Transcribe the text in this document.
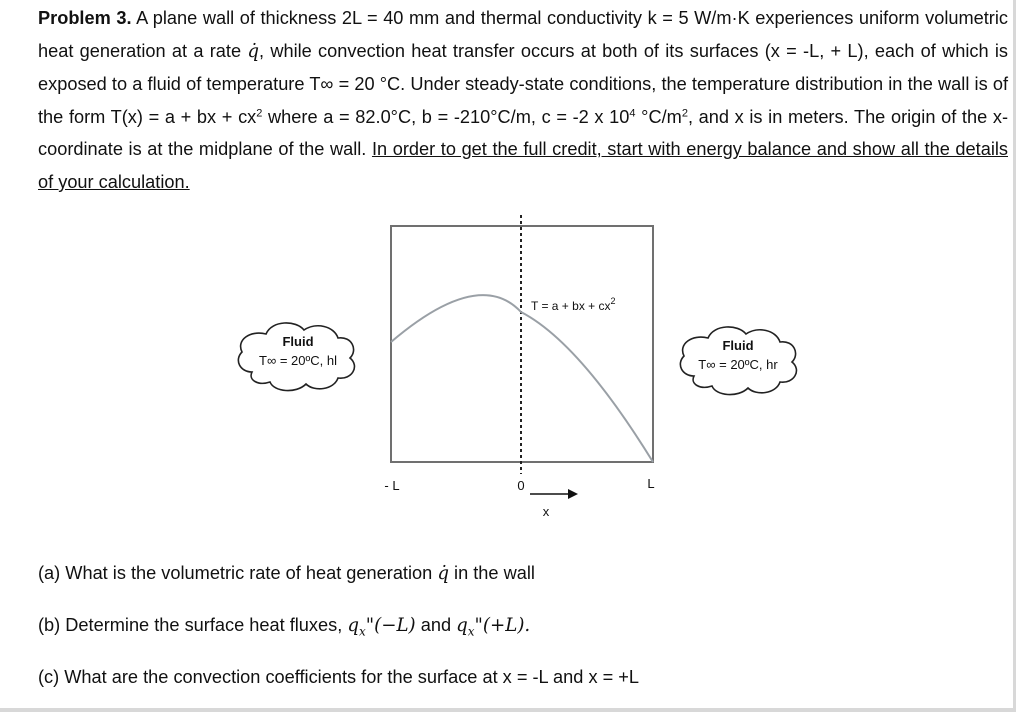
Problem 3. A plane wall of thickness 2L = 40 mm and thermal conductivity k = 5 W/m·K experiences uniform volumetric heat generation at a rate q̇, while convection heat transfer occurs at both of its surfaces (x = -L, + L), each of which is exposed to a fluid of temperature T∞ = 20 °C. Under steady-state conditions, the temperature distribution in the wall is of the form T(x) = a + bx + $cx^2$ where a = 82.0°C, b = -210°C/m, c = -2 x $10^4$ $^\circ C/m^2$, and x is in meters. The origin of the x-coordinate is at the midplane of the wall. In order to get the full credit, start with energy balance and show all the details of your calculation.
T = a + bx + $cx^2$
Fluid
T∞ = 20ºC, hl
Fluid
T∞ = 20ºC, hr
- L	0	L
x
(a) What is the volumetric rate of heat generation q̇ in the wall
(b) Determine the surface heat fluxes, $q_x"(-L)$ and $q_x"(+L)$.
(c) What are the convection coefficients for the surface at x = -L and x = +L
